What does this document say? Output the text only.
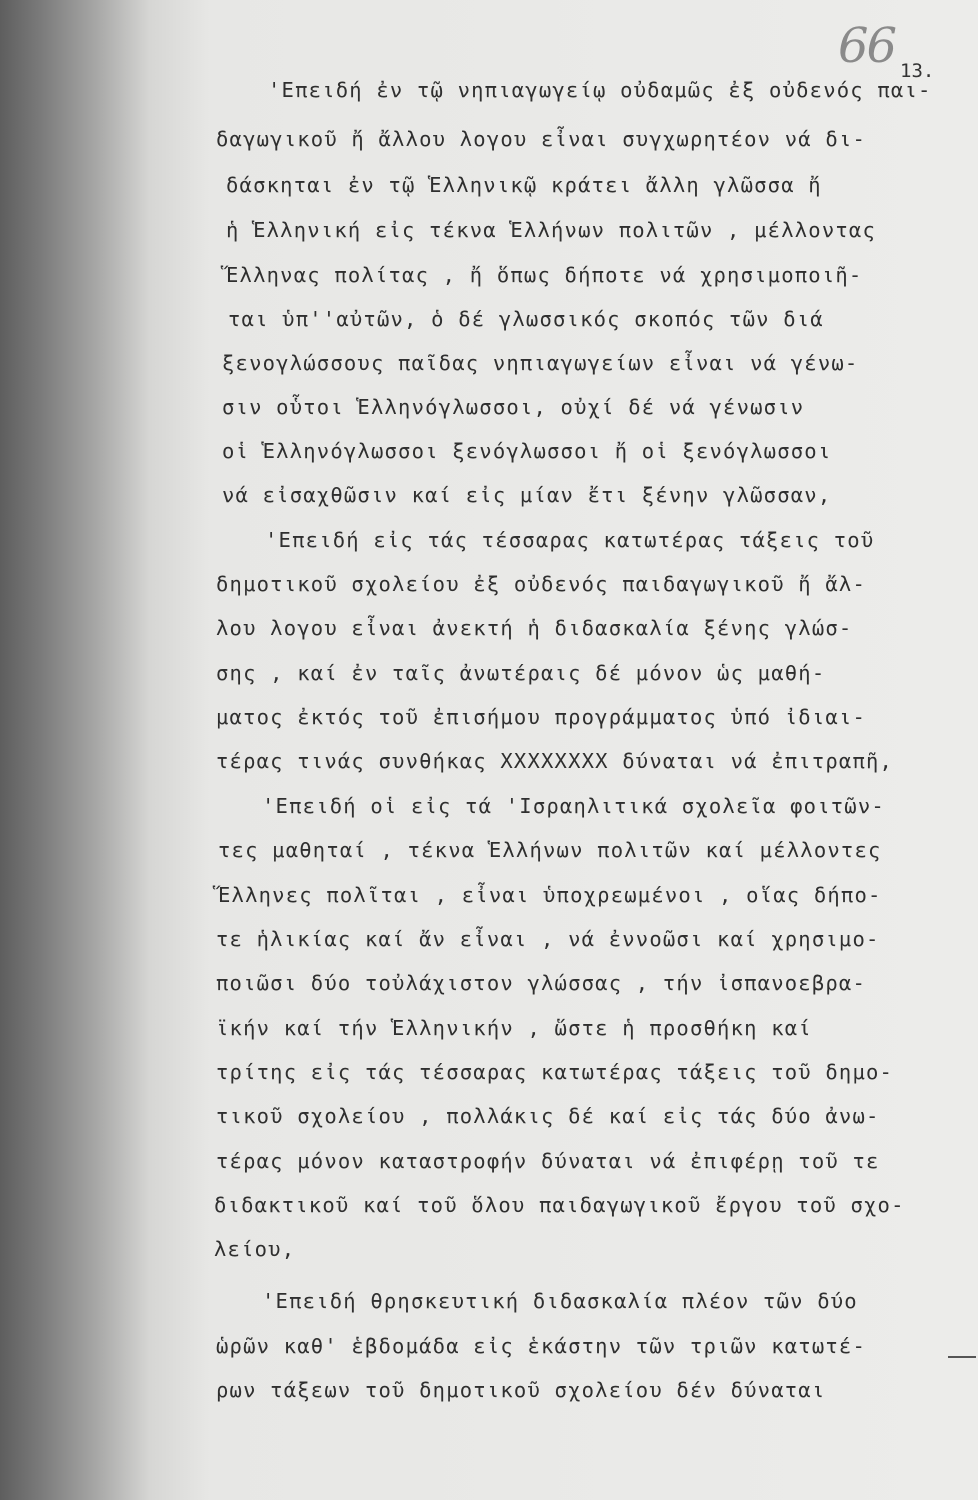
66 13.
'Επειδή ἐν τῷ νηπιαγωγείῳ οὐδαμῶς ἐξ οὐδενός παι-
δαγωγικοῦ ἤ ἄλλου λογου εἶναι συγχωρητέον νά δι-
δάσκηται ἐν τῷ Ἑλληνικῷ κράτει ἄλλη γλῶσσα ἤ
ἡ Ἑλληνική εἰς τέκνα Ἑλλήνων πολιτῶν , μέλλοντας
Ἕλληνας πολίτας , ἤ ὅπως δήποτε νά χρησιμοποιῆ-
ται ὑπ''αὐτῶν, ὁ δέ γλωσσικός σκοπός τῶν διά
ξενογλώσσους παῖδας νηπιαγωγείων εἶναι νά γένω-
σιν οὗτοι Ἑλληνόγλωσσοι, οὐχί δέ νά γένωσιν
οἱ Ἑλληνόγλωσσοι ξενόγλωσσοι ἤ οἱ ξενόγλωσσοι
νά εἰσαχθῶσιν καί εἰς μίαν ἔτι ξένην γλῶσσαν,
'Επειδή εἰς τάς τέσσαρας κατωτέρας τάξεις τοῦ
δημοτικοῦ σχολείου ἐξ οὐδενός παιδαγωγικοῦ ἤ ἄλ-
λου λογου εἶναι ἀνεκτή ἡ διδασκαλία ξένης γλώσ-
σης , καί ἐν ταῖς ἀνωτέραις δέ μόνον ὡς μαθή-
ματος ἐκτός τοῦ ἐπισήμου προγράμματος ὑπό ἰδιαι-
τέρας τινάς συνθήκας XXXXXXXX δύναται νά ἐπιτραπῆ,
'Επειδή οἱ εἰς τά 'Ισραηλιτικά σχολεῖα φοιτῶν-
τες μαθηταί , τέκνα Ἑλλήνων πολιτῶν καί μέλλοντες
Ἕλληνες πολῖται , εἶναι ὑποχρεωμένοι , οἵας δήπο-
τε ἡλικίας καί ἄν εἶναι , νά ἐννοῶσι καί χρησιμο-
ποιῶσι δύο τοὐλάχιστον γλώσσας , τήν ἰσπανοεβρα-
ϊκήν καί τήν Ἑλληνικήν , ὥστε ἡ προσθήκη καί
τρίτης εἰς τάς τέσσαρας κατωτέρας τάξεις τοῦ δημο-
τικοῦ σχολείου , πολλάκις δέ καί εἰς τάς δύο ἀνω-
τέρας μόνον καταστροφήν δύναται νά ἐπιφέρῃ τοῦ τε
διδακτικοῦ καί τοῦ ὅλου παιδαγωγικοῦ ἔργου τοῦ σχο-
λείου,
'Επειδή θρησκευτική διδασκαλία πλέον τῶν δύο
ὡρῶν καθ' ἑβδομάδα εἰς ἑκάστην τῶν τριῶν κατωτέ-
ρων τάξεων τοῦ δημοτικοῦ σχολείου δέν δύναται
